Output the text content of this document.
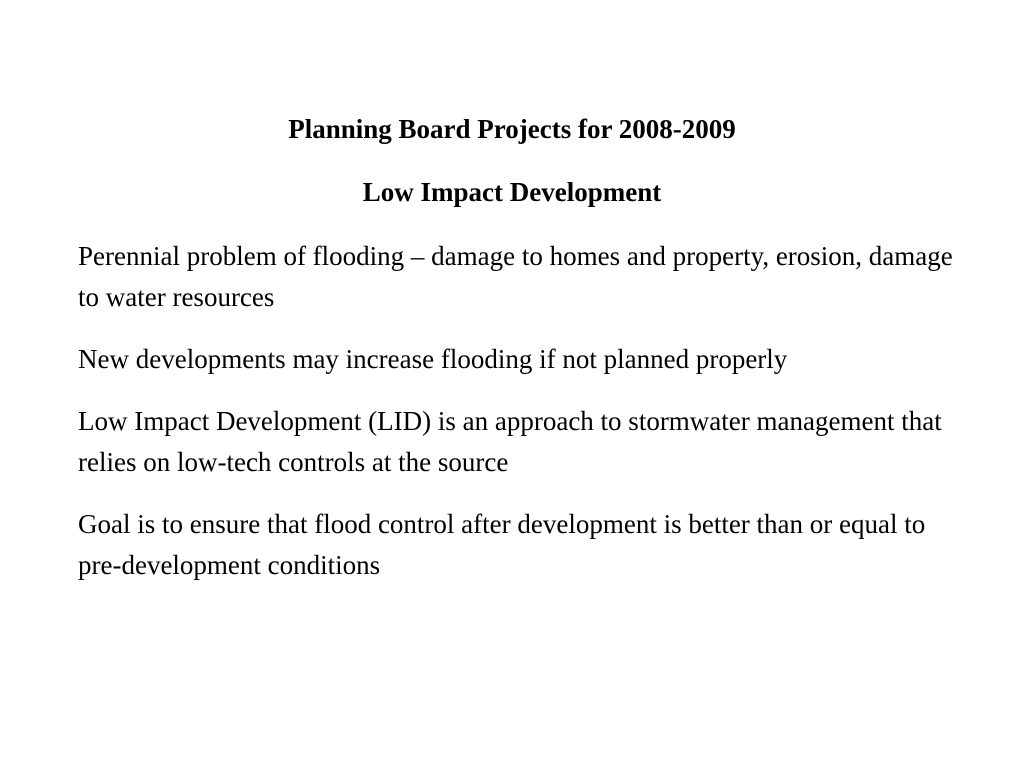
Planning Board Projects for 2008-2009
Low Impact Development

Perennial problem of flooding – damage to homes and property, erosion, damage to water resources

New developments may increase flooding if not planned properly

Low Impact Development (LID) is an approach to stormwater management that relies on low-tech controls at the source

Goal is to ensure that flood control after development is better than or equal to pre-development conditions
